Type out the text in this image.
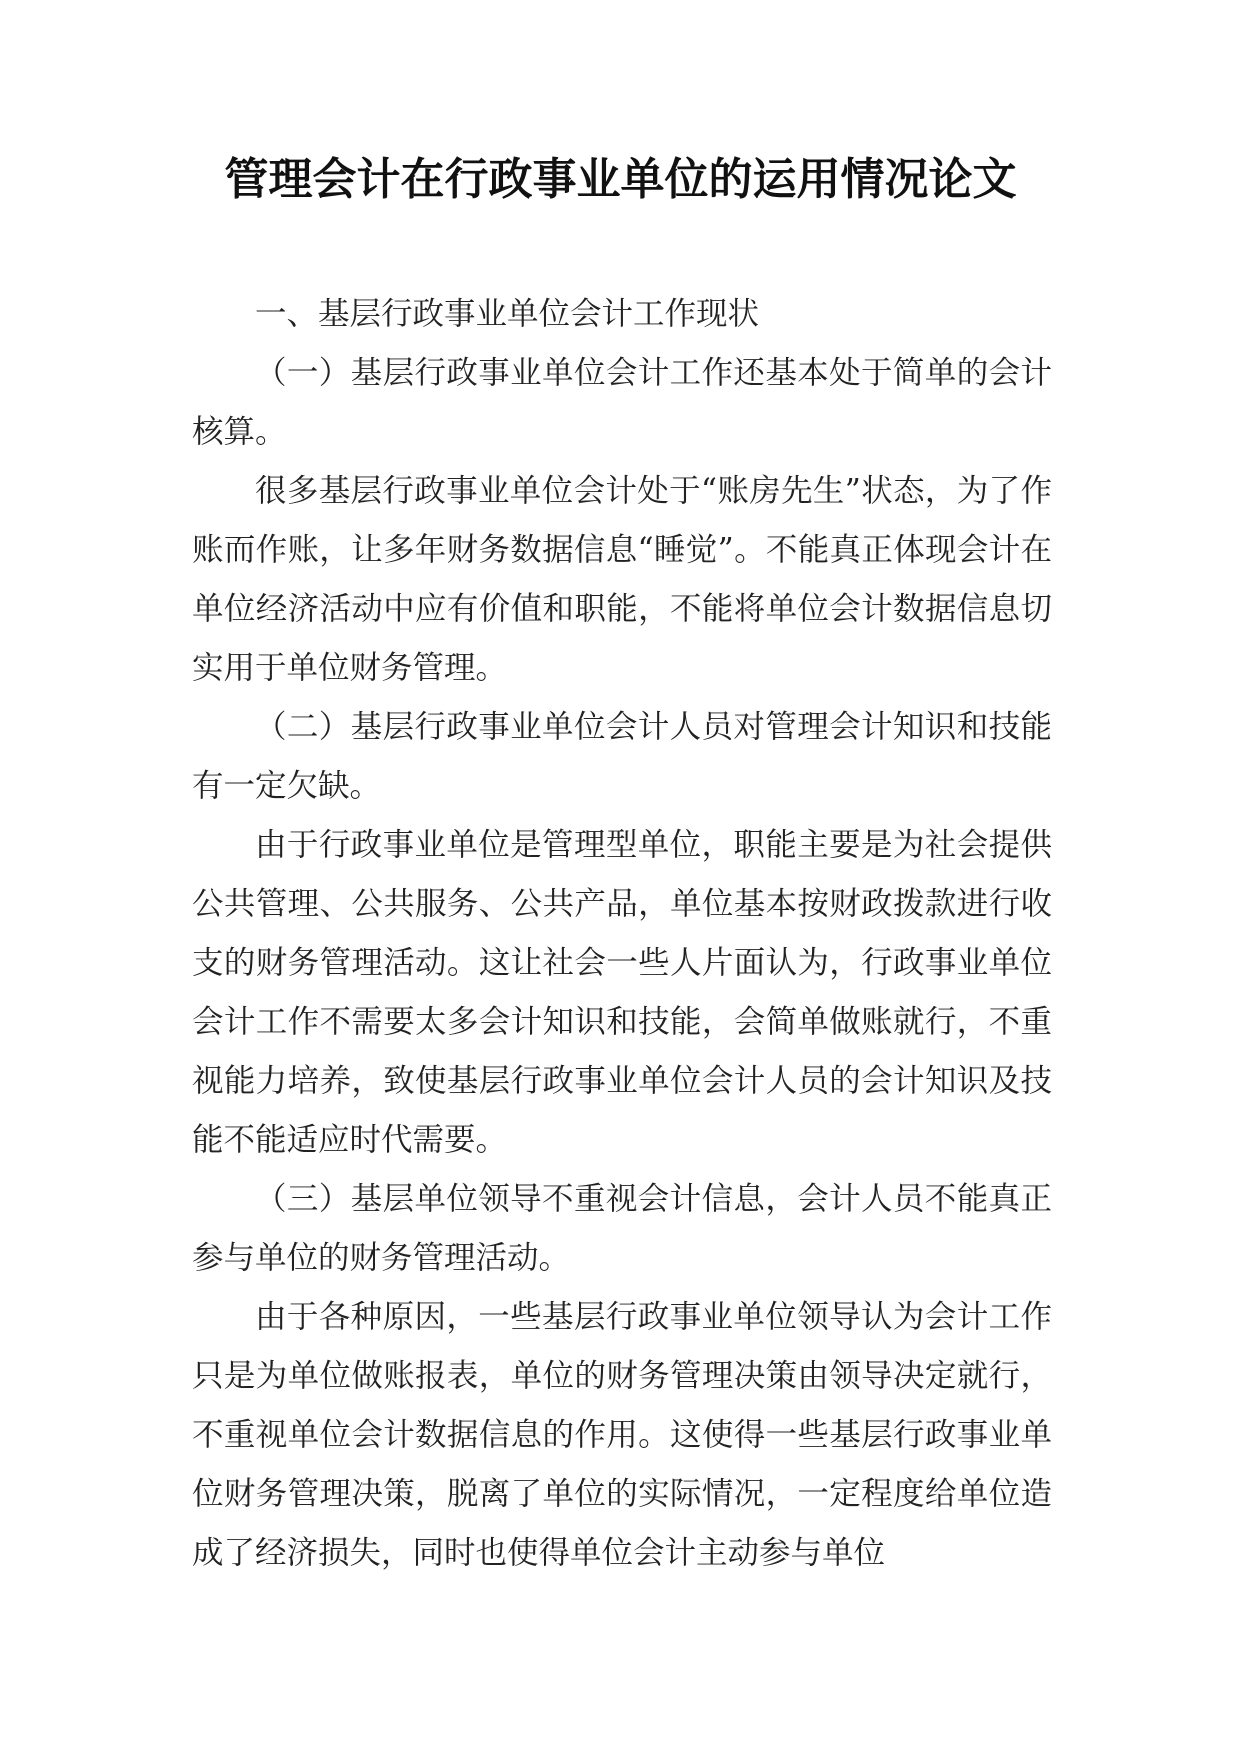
管理会计在行政事业单位的运用情况论文

一、基层行政事业单位会计工作现状

（一）基层行政事业单位会计工作还基本处于简单的会计核算。

很多基层行政事业单位会计处于“账房先生”状态，为了作账而作账，让多年财务数据信息“睡觉”。不能真正体现会计在单位经济活动中应有价值和职能，不能将单位会计数据信息切实用于单位财务管理。

（二）基层行政事业单位会计人员对管理会计知识和技能有一定欠缺。

由于行政事业单位是管理型单位，职能主要是为社会提供公共管理、公共服务、公共产品，单位基本按财政拨款进行收支的财务管理活动。这让社会一些人片面认为，行政事业单位会计工作不需要太多会计知识和技能，会简单做账就行，不重视能力培养，致使基层行政事业单位会计人员的会计知识及技能不能适应时代需要。

（三）基层单位领导不重视会计信息，会计人员不能真正参与单位的财务管理活动。

由于各种原因，一些基层行政事业单位领导认为会计工作只是为单位做账报表，单位的财务管理决策由领导决定就行，不重视单位会计数据信息的作用。这使得一些基层行政事业单位财务管理决策，脱离了单位的实际情况，一定程度给单位造成了经济损失，同时也使得单位会计主动参与单位
